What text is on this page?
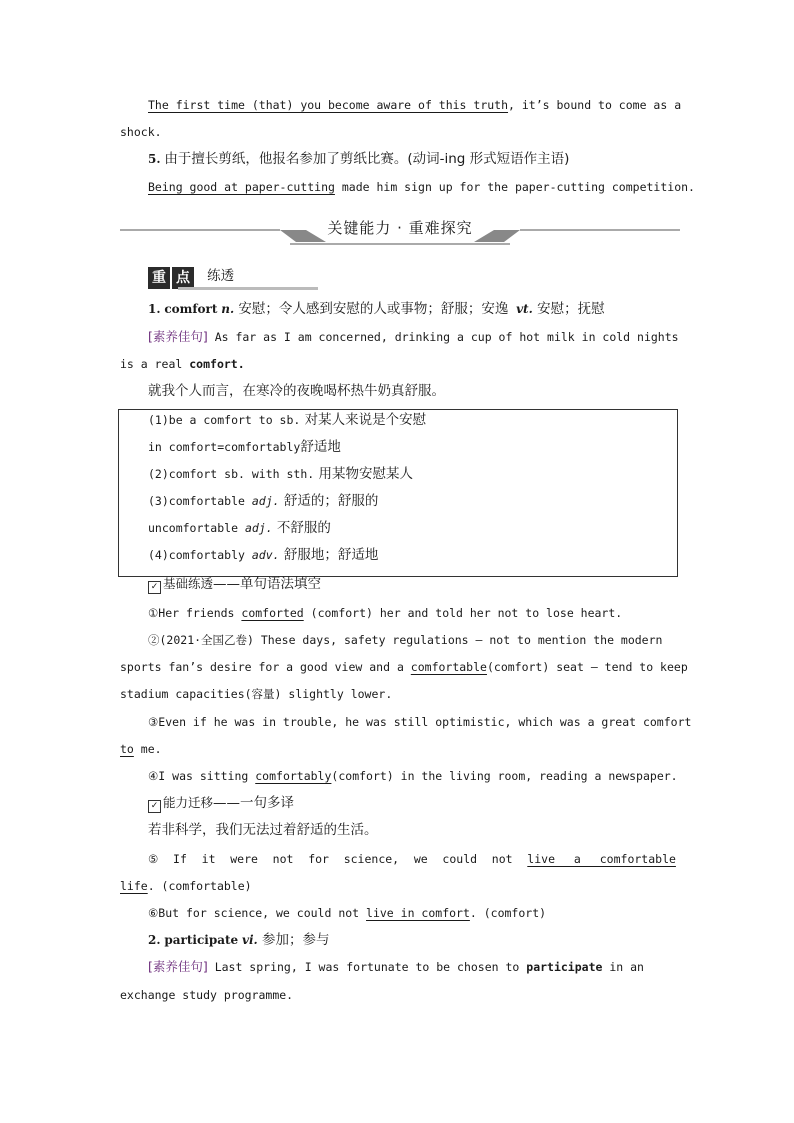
The first time (that) you become aware of this truth, it’s bound to come as a

shock.

5. 由于擅长剪纸，他报名参加了剪纸比赛。(动词-ing 形式短语作主语)

Being good at paper-cutting made him sign up for the paper-cutting competition.

关键能力 · 重难探究
重 点 练透

1. comfort n. 安慰；令人感到安慰的人或事物；舒服；安逸 vt. 安慰；抚慰

[素养佳句] As far as I am concerned, drinking a cup of hot milk in cold nights

is a real comfort.

就我个人而言，在寒冷的夜晚喝杯热牛奶真舒服。

(1)be a comfort to sb. 对某人来说是个安慰

in comfort=comfortably舒适地

(2)comfort sb. with sth. 用某物安慰某人

(3)comfortable adj. 舒适的；舒服的

uncomfortable adj. 不舒服的

(4)comfortably adv. 舒服地；舒适地

✓ 基础练透——单句语法填空

①Her friends comforted (comfort) her and told her not to lose heart.

②(2021·全国乙卷) These days, safety regulations — not to mention the modern

sports fan’s desire for a good view and a comfortable(comfort) seat — tend to keep

stadium capacities(容量) slightly lower.

③Even if he was in trouble, he was still optimistic, which was a great comfort

to me.

④I was sitting comfortably(comfort) in the living room, reading a newspaper.

✓ 能力迁移——一句多译

若非科学，我们无法过着舒适的生活。

⑤ If it were not for science, we could not live a comfortable

life. (comfortable)

⑥But for science, we could not live in comfort. (comfort)

2. participate vi. 参加；参与

[素养佳句] Last spring, I was fortunate to be chosen to participate in an

exchange study programme.
